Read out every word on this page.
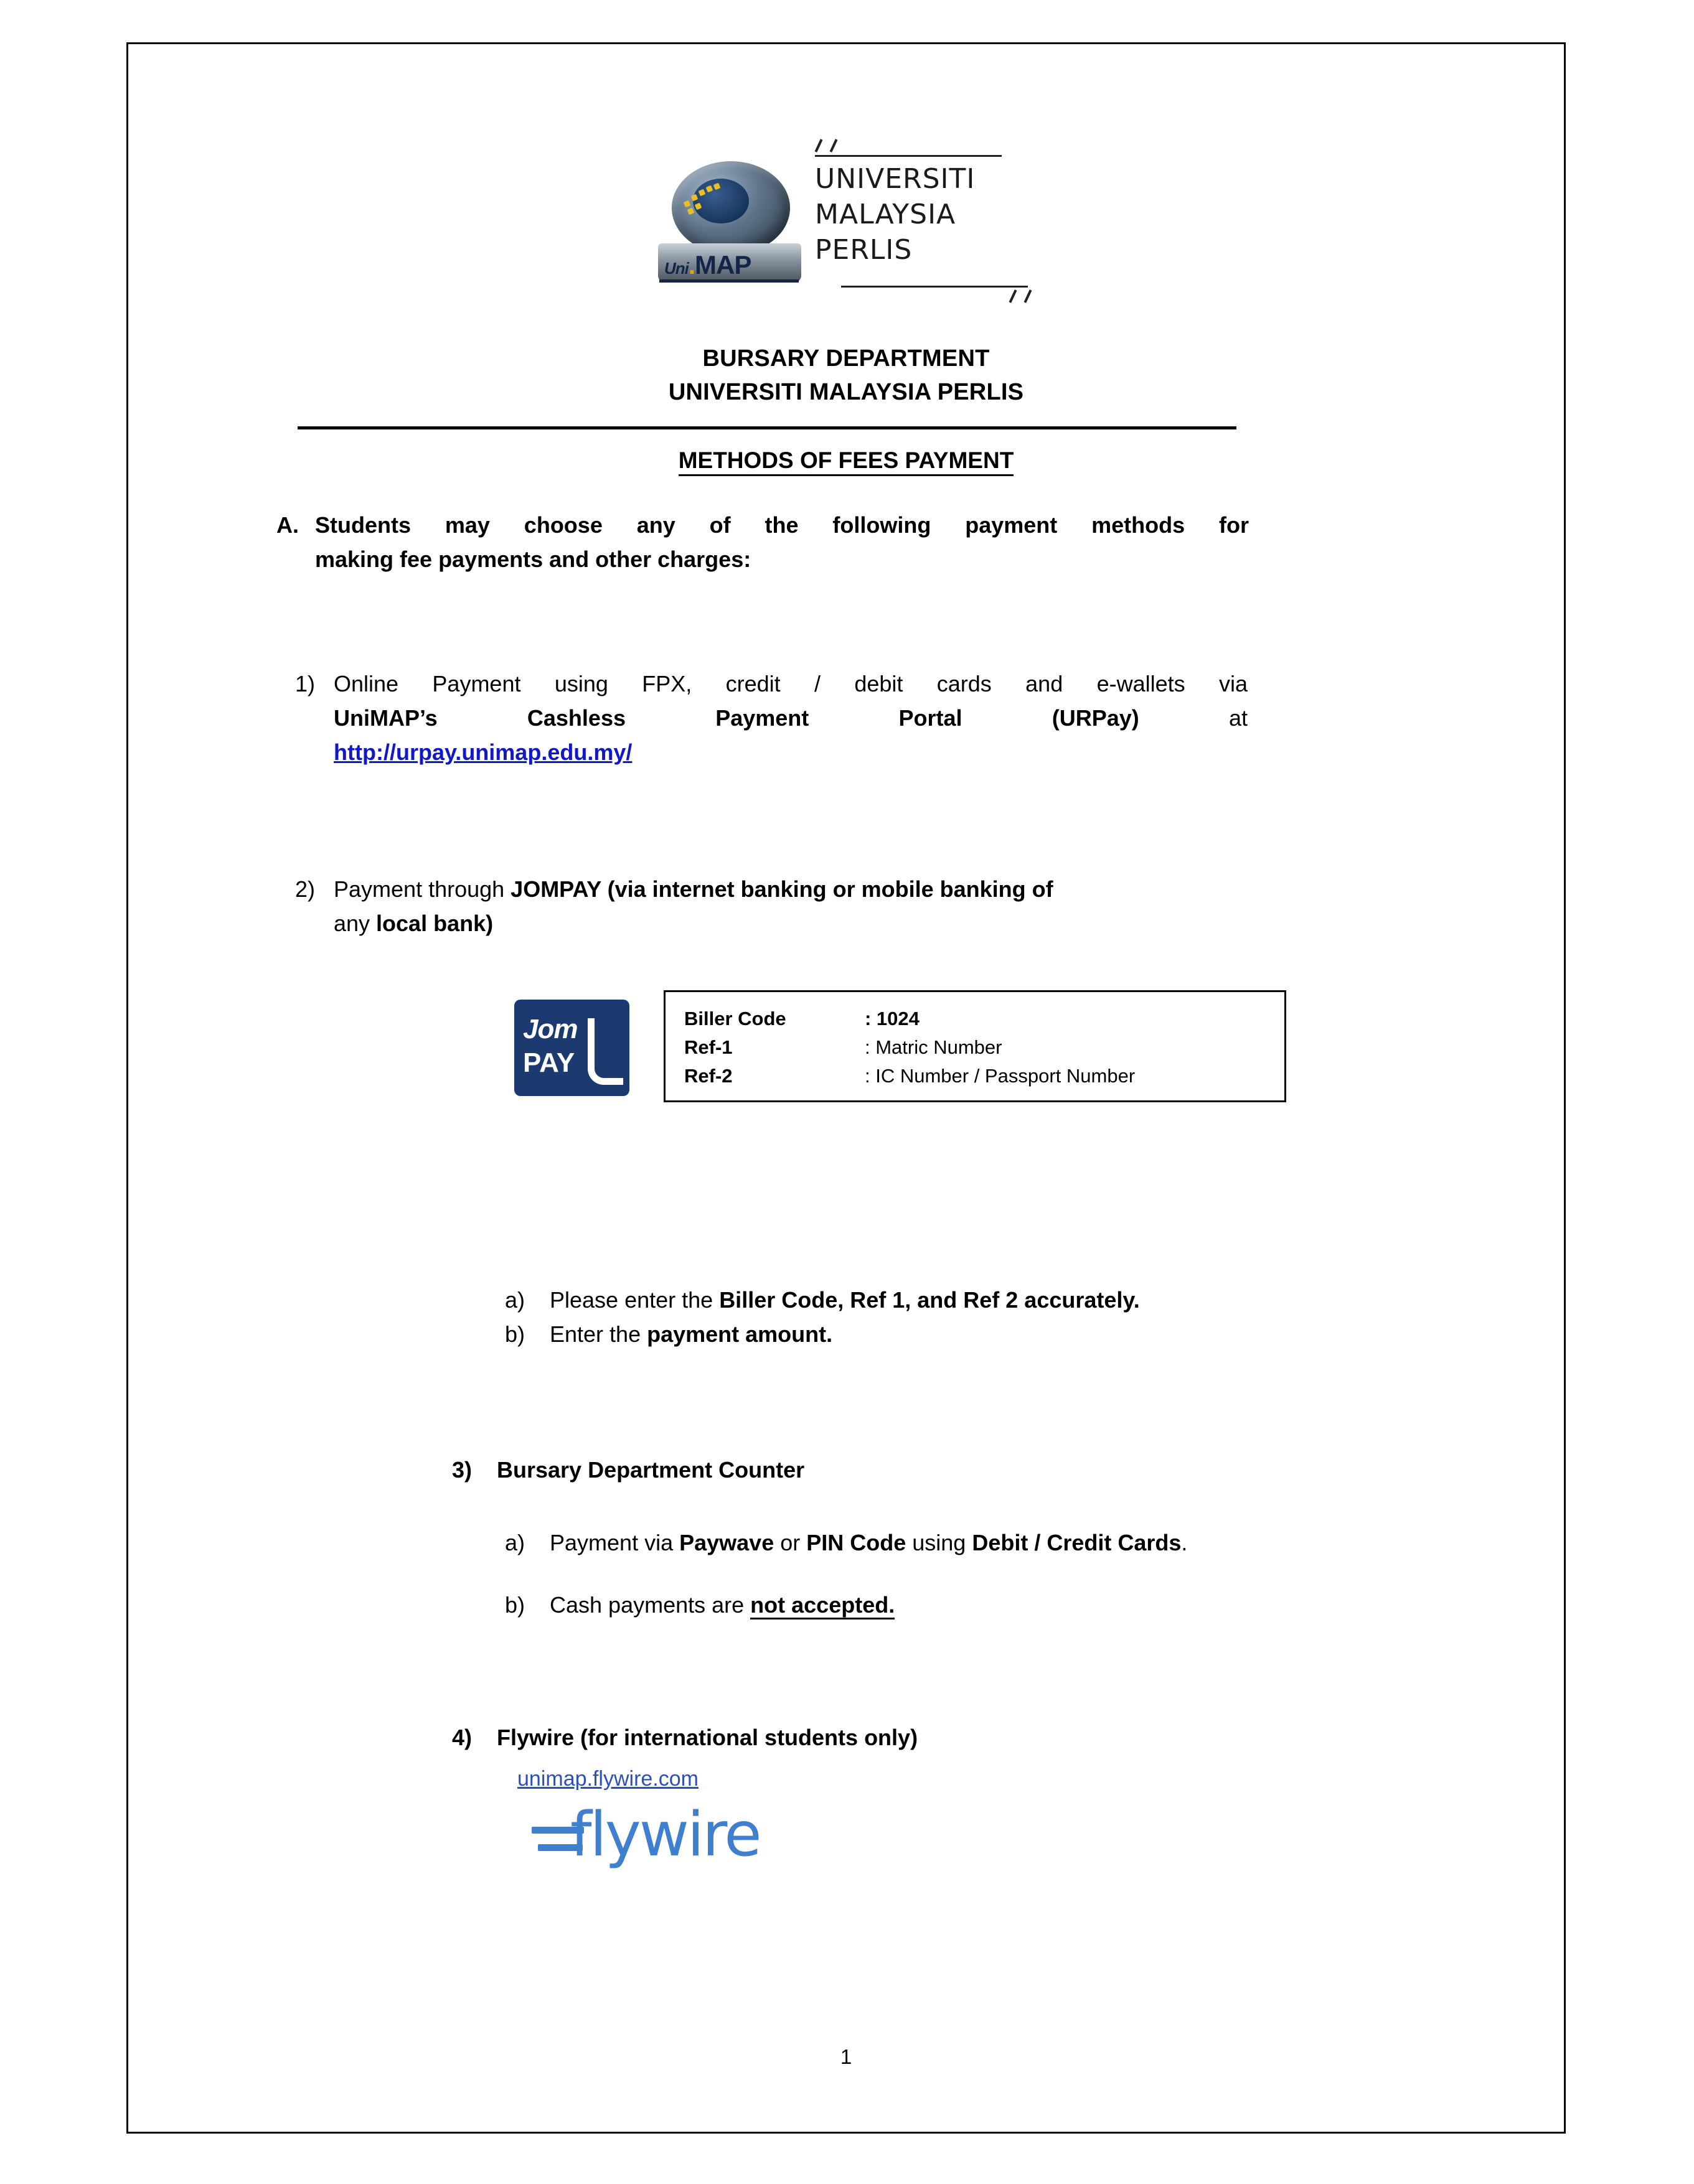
Uni.MAP
UNIVERSITI
MALAYSIA
PERLIS
BURSARY DEPARTMENT
UNIVERSITI MALAYSIA PERLIS
METHODS OF FEES PAYMENT
A. Students may choose any of the following payment methods for
making fee payments and other charges:
1) Online Payment using FPX, credit / debit cards and e-wallets via
UniMAP’s Cashless Payment Portal (URPay)	at
http://urpay.unimap.edu.my/
2) Payment through JOMPAY (via internet banking or mobile banking of
any local bank)
Jom
PAY
Biller Code	: 1024
Ref-1	: Matric Number
Ref-2	: IC Number / Passport Number
a)	Please enter the Biller Code, Ref 1, and Ref 2 accurately.
b)	Enter the payment amount.
3)	Bursary Department Counter
a)	Payment via Paywave or PIN Code using Debit / Credit Cards.
b)	Cash payments are not accepted.
4)	Flywire (for international students only)
unimap.flywire.com
flywire
1
